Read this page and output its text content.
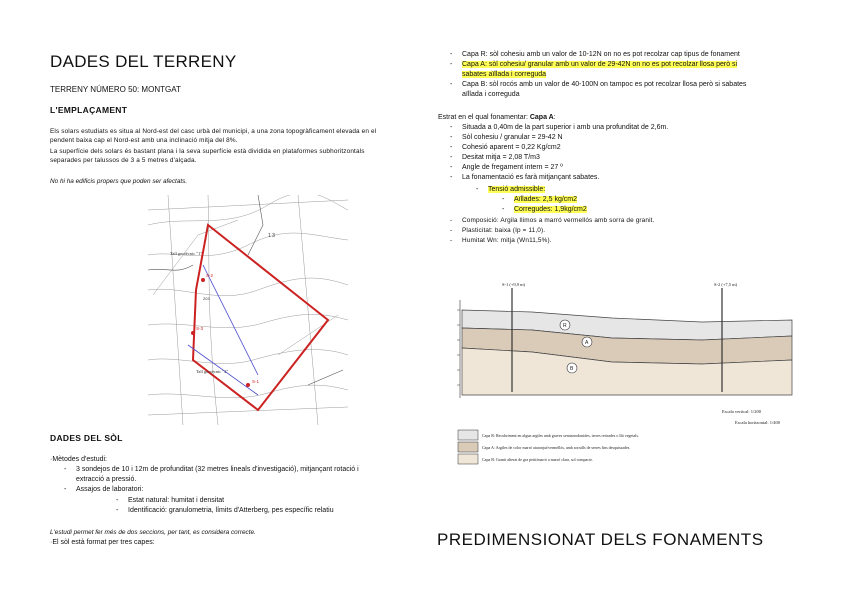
DADES DEL TERRENY
TERRENY NÚMERO 50: MONTGAT
L'EMPLAÇAMENT
Els solars estudiats es situa al Nord-est del casc urbà del municipi, a una zona topogràficament elevada en el
pendent baixa cap el Nord-est amb una inclinació mitja del 8%.
La superfície dels solars és bastant plana i la seva superfície està dividida en plataformes subhoritzontals
separades per talussos de 3 a 5 metres d'alçada.
No hi ha edificis propers que poden ser afectats.
Tall geotècnic "1"
Tall geotècnic "2"
S-2
S-3
S-1
1 3
203
DADES DEL SÒL
·Mètodes d'estudi:
- 3 sondejos de 10 i 12m de profunditat (32 metres lineals d'investigació), mitjançant rotació i
extracció a pressió.
- Assajos de laboratori:
- Estat natural: humitat i densitat
- Identificació: granulometria, límits d'Atterberg, pes específic relatiu
L'estudi permet fer més de dos seccions, per tant, es considera correcte.
·El sòl està format per tres capes:
- Capa R: sòl cohesiu amb un valor de 10-12N on no es pot recolzar cap tipus de fonament
- Capa A: sòl cohesiu/ granular amb un valor de 29-42N on no es pot recolzar llosa però si
sabates aïllada i correguda
- Capa B: sòl rocós amb un valor de 40-100N on tampoc es pot recolzar llosa però si sabates
aïllada i correguda
Estrat en el qual fonamentar: Capa A:
- Situada a 0,40m de la part superior i amb una profunditat de 2,6m.
- Sòl cohesiu / granular = 29-42 N
- Cohesió aparent = 0,22 Kg/cm2
- Desitat mitja = 2,08 T/m3
- Angle de fregament intern = 27 º
- La fonamentació es farà mitjançant sabates.
- Tensió admissible:
- Aïllades: 2,5 kg/cm2
- Corregudes: 1,9kg/cm2
- Composició: Argila llimos a marró vermellós amb sorra de granit.
- Plasticitat: baixa (Ip = 11,0).
- Humitat Wn: mitja (Wn11,5%).
S-1 (+9,9 m)	S-2 (+7,5 m)
R
A
B
Escala vertical: 1/200
Escala horitzontal: 1/400
Capa R: Recobriment en algun argiles amb graves semiarrodonides, terres retirades o llit vegetals.
Capa A: Argiles de color marró ataronjat/vermellós, amb sorralls de serres fins desquissades.
Capa B: Granit alterat de gra petit/marró a marró clara, sol compacte.
PREDIMENSIONAT DELS FONAMENTS
